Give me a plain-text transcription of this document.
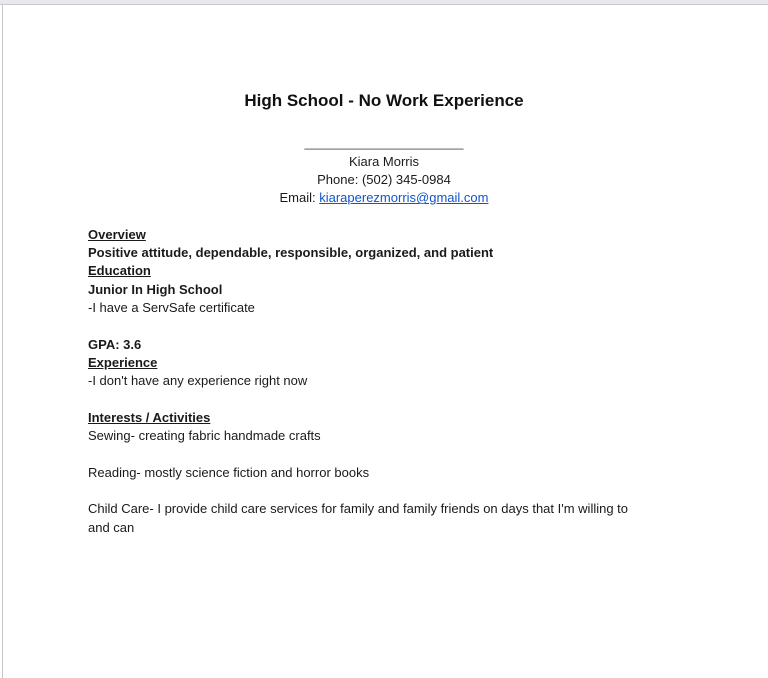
High School - No Work Experience
______________________
Kiara Morris
Phone: (502) 345-0984
Email: kiaraperezmorris@gmail.com
Overview
Positive attitude, dependable, responsible, organized, and patient
Education
Junior In High School
-I have a ServSafe certificate
GPA: 3.6
Experience
-I don't have any experience right now
Interests / Activities
Sewing- creating fabric handmade crafts
Reading- mostly science fiction and horror books
Child Care- I provide child care services for family and family friends on days that I'm willing to
and can
